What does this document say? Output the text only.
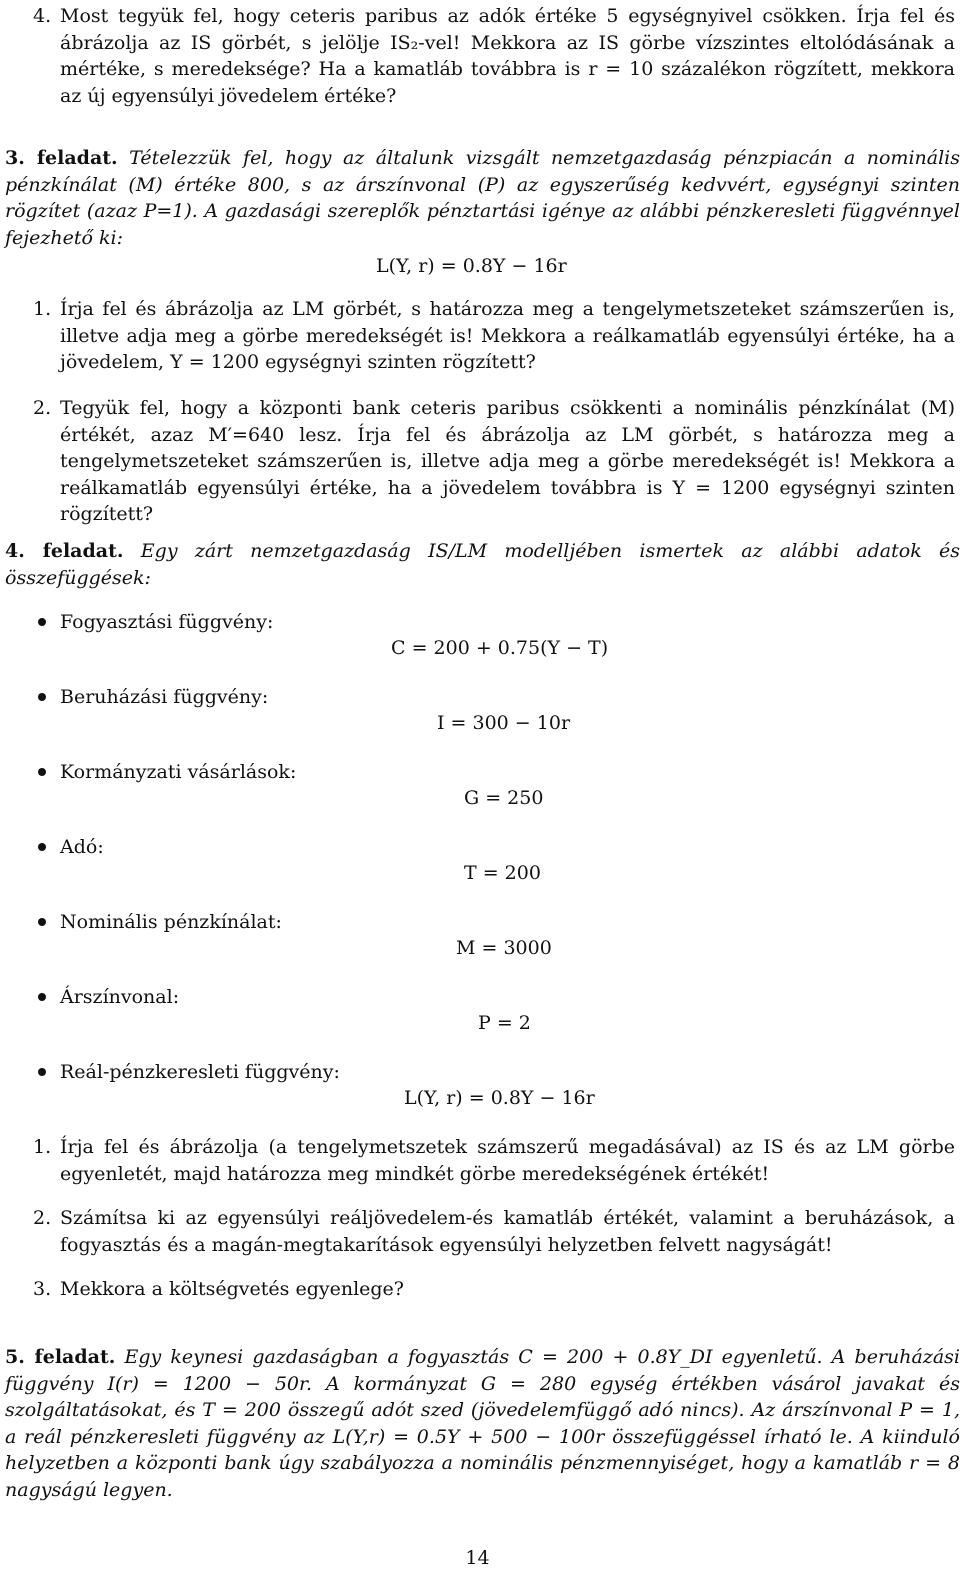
4. Most tegyük fel, hogy ceteris paribus az adók értéke 5 egységnyivel csökken. Írja fel és ábrázolja az IS görbét, s jelölje IS₂-vel! Mekkora az IS görbe vízszintes eltolódásának a mértéke, s meredeksége? Ha a kamatláb továbbra is r = 10 százalékon rögzített, mekkora az új egyensúlyi jövedelem értéke?
3. feladat. Tételezzük fel, hogy az általunk vizsgált nemzetgazdaság pénzpiacán a nominális pénzkínálat (M) értéke 800, s az árszínvonal (P) az egyszerűség kedvvért, egységnyi szinten rögzítet (azaz P=1). A gazdasági szereplők pénztartási igénye az alábbi pénzkeresleti függvénnyel fejezhető ki:
L(Y, r) = 0.8Y − 16r
1. Írja fel és ábrázolja az LM görbét, s határozza meg a tengelymetszeteket számszerűen is, illetve adja meg a görbe meredekségét is! Mekkora a reálkamatláb egyensúlyi értéke, ha a jövedelem, Y = 1200 egységnyi szinten rögzített?
2. Tegyük fel, hogy a központi bank ceteris paribus csökkenti a nominális pénzkínálat (M) értékét, azaz M′=640 lesz. Írja fel és ábrázolja az LM görbét, s határozza meg a tengelymetszeteket számszerűen is, illetve adja meg a görbe meredekségét is! Mekkora a reálkamatláb egyensúlyi értéke, ha a jövedelem továbbra is Y = 1200 egységnyi szinten rögzített?
4. feladat. Egy zárt nemzetgazdaság IS/LM modelljében ismertek az alábbi adatok és összefüggések:
Fogyasztási függvény:
C = 200 + 0.75(Y − T)
Beruházási függvény:
I = 300 − 10r
Kormányzati vásárlások:
G = 250
Adó:
T = 200
Nominális pénzkínálat:
M = 3000
Árszínvonal:
P = 2
Reál-pénzkeresleti függvény:
L(Y, r) = 0.8Y − 16r
1. Írja fel és ábrázolja (a tengelymetszetek számszerű megadásával) az IS és az LM görbe egyenletét, majd határozza meg mindkét görbe meredekségének értékét!
2. Számítsa ki az egyensúlyi reáljövedelem-és kamatláb értékét, valamint a beruházások, a fogyasztás és a magán-megtakarítások egyensúlyi helyzetben felvett nagyságát!
3. Mekkora a költségvetés egyenlege?
5. feladat. Egy keynesi gazdaságban a fogyasztás C = 200 + 0.8Y_DI egyenletű. A beruházási függvény I(r) = 1200 − 50r. A kormányzat G = 280 egység értékben vásárol javakat és szolgáltatásokat, és T = 200 összegű adót szed (jövedelemfüggő adó nincs). Az árszínvonal P = 1, a reál pénzkeresleti függvény az L(Y,r) = 0.5Y + 500 − 100r összefüggéssel írható le. A kiinduló helyzetben a központi bank úgy szabályozza a nominális pénzmennyiséget, hogy a kamatláb r = 8 nagyságú legyen.
14
